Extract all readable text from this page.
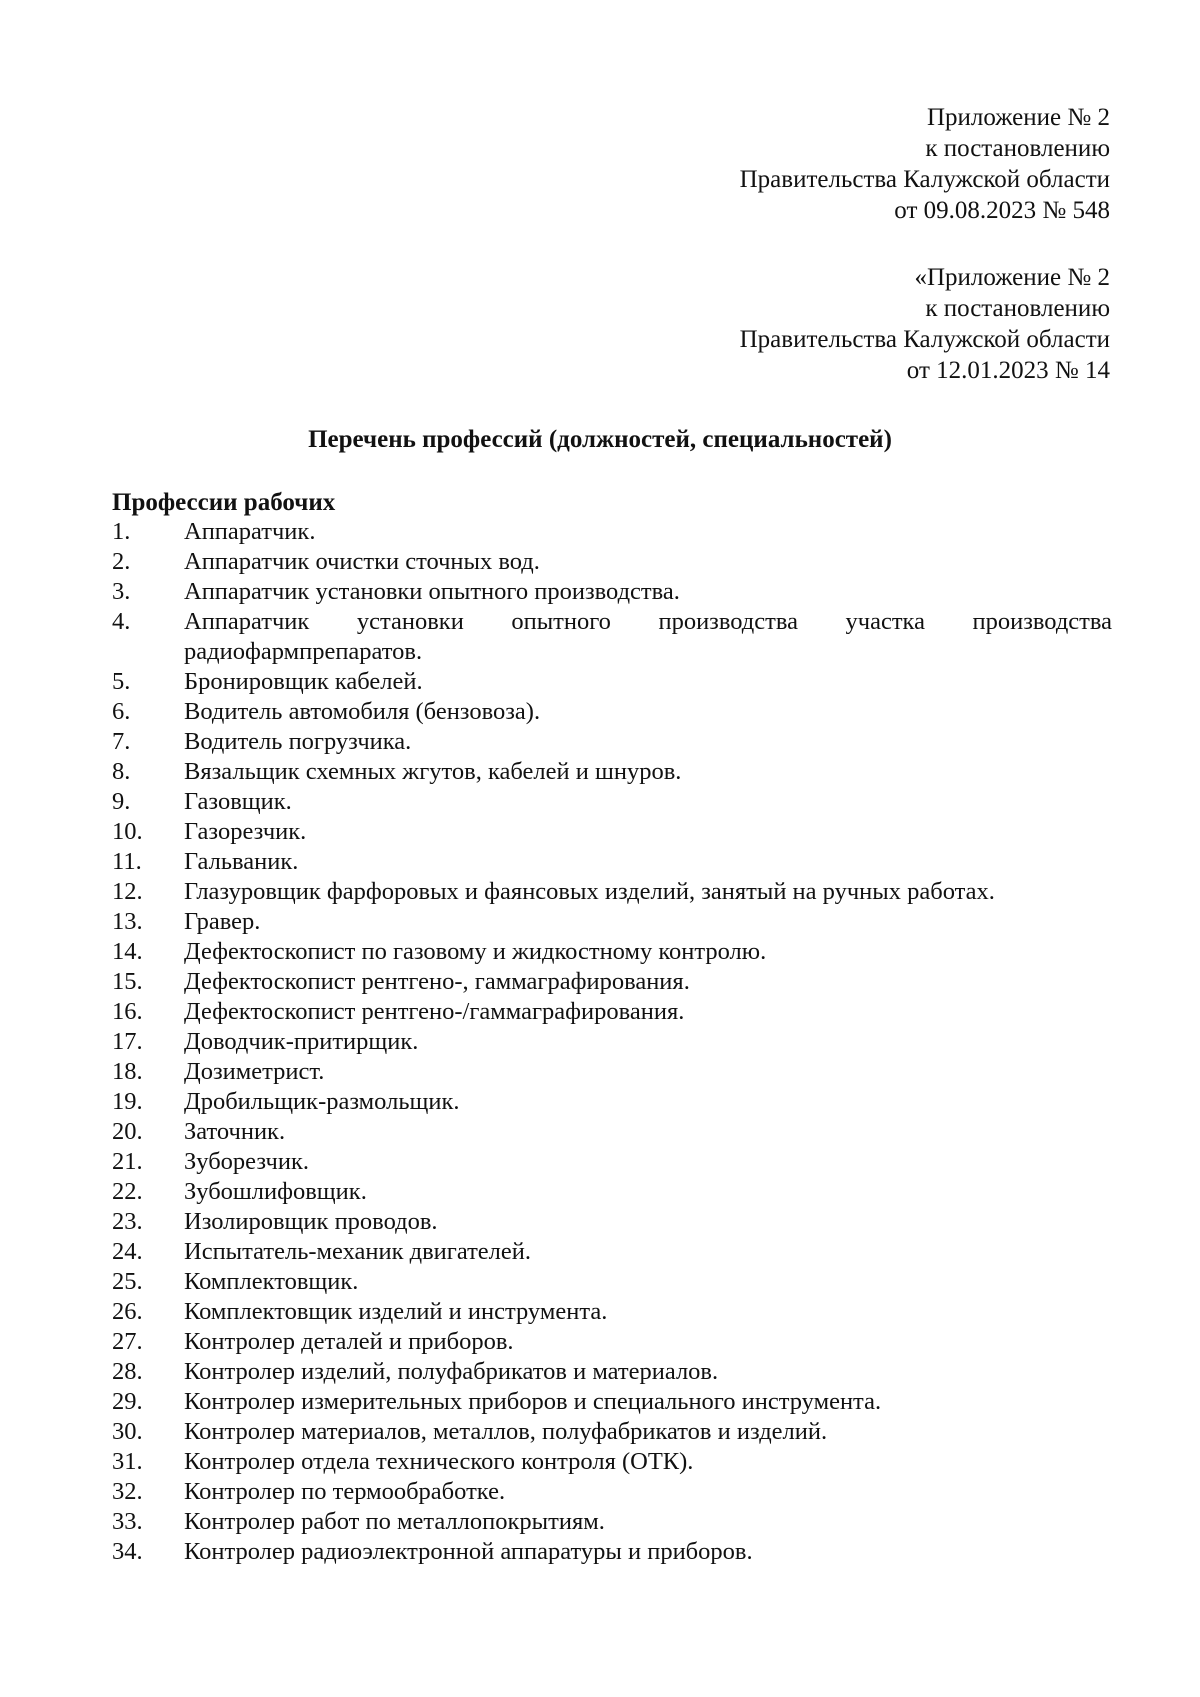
Приложение № 2
к постановлению
Правительства Калужской области
от 09.08.2023 № 548
«Приложение № 2
к постановлению
Правительства Калужской области
от 12.01.2023 № 14
Перечень профессий (должностей, специальностей)
Профессии рабочих
1.	Аппаратчик.
2.	Аппаратчик очистки сточных вод.
3.	Аппаратчик установки опытного производства.
4.	Аппаратчик установки опытного производства участка производства радиофармпрепаратов.
5.	Бронировщик кабелей.
6.	Водитель автомобиля (бензовоза).
7.	Водитель погрузчика.
8.	Вязальщик схемных жгутов, кабелей и шнуров.
9.	Газовщик.
10.	Газорезчик.
11.	Гальваник.
12.	Глазуровщик фарфоровых и фаянсовых изделий, занятый на ручных работах.
13.	Гравер.
14.	Дефектоскопист по газовому и жидкостному контролю.
15.	Дефектоскопист рентгено-, гаммаграфирования.
16.	Дефектоскопист рентгено-/гаммаграфирования.
17.	Доводчик-притирщик.
18.	Дозиметрист.
19.	Дробильщик-размольщик.
20.	Заточник.
21.	Зуборезчик.
22.	Зубошлифовщик.
23.	Изолировщик проводов.
24.	Испытатель-механик двигателей.
25.	Комплектовщик.
26.	Комплектовщик изделий и инструмента.
27.	Контролер деталей и приборов.
28.	Контролер изделий, полуфабрикатов и материалов.
29.	Контролер измерительных приборов и специального инструмента.
30.	Контролер материалов, металлов, полуфабрикатов и изделий.
31.	Контролер отдела технического контроля (ОТК).
32.	Контролер по термообработке.
33.	Контролер работ по металлопокрытиям.
34.	Контролер радиоэлектронной аппаратуры и приборов.
